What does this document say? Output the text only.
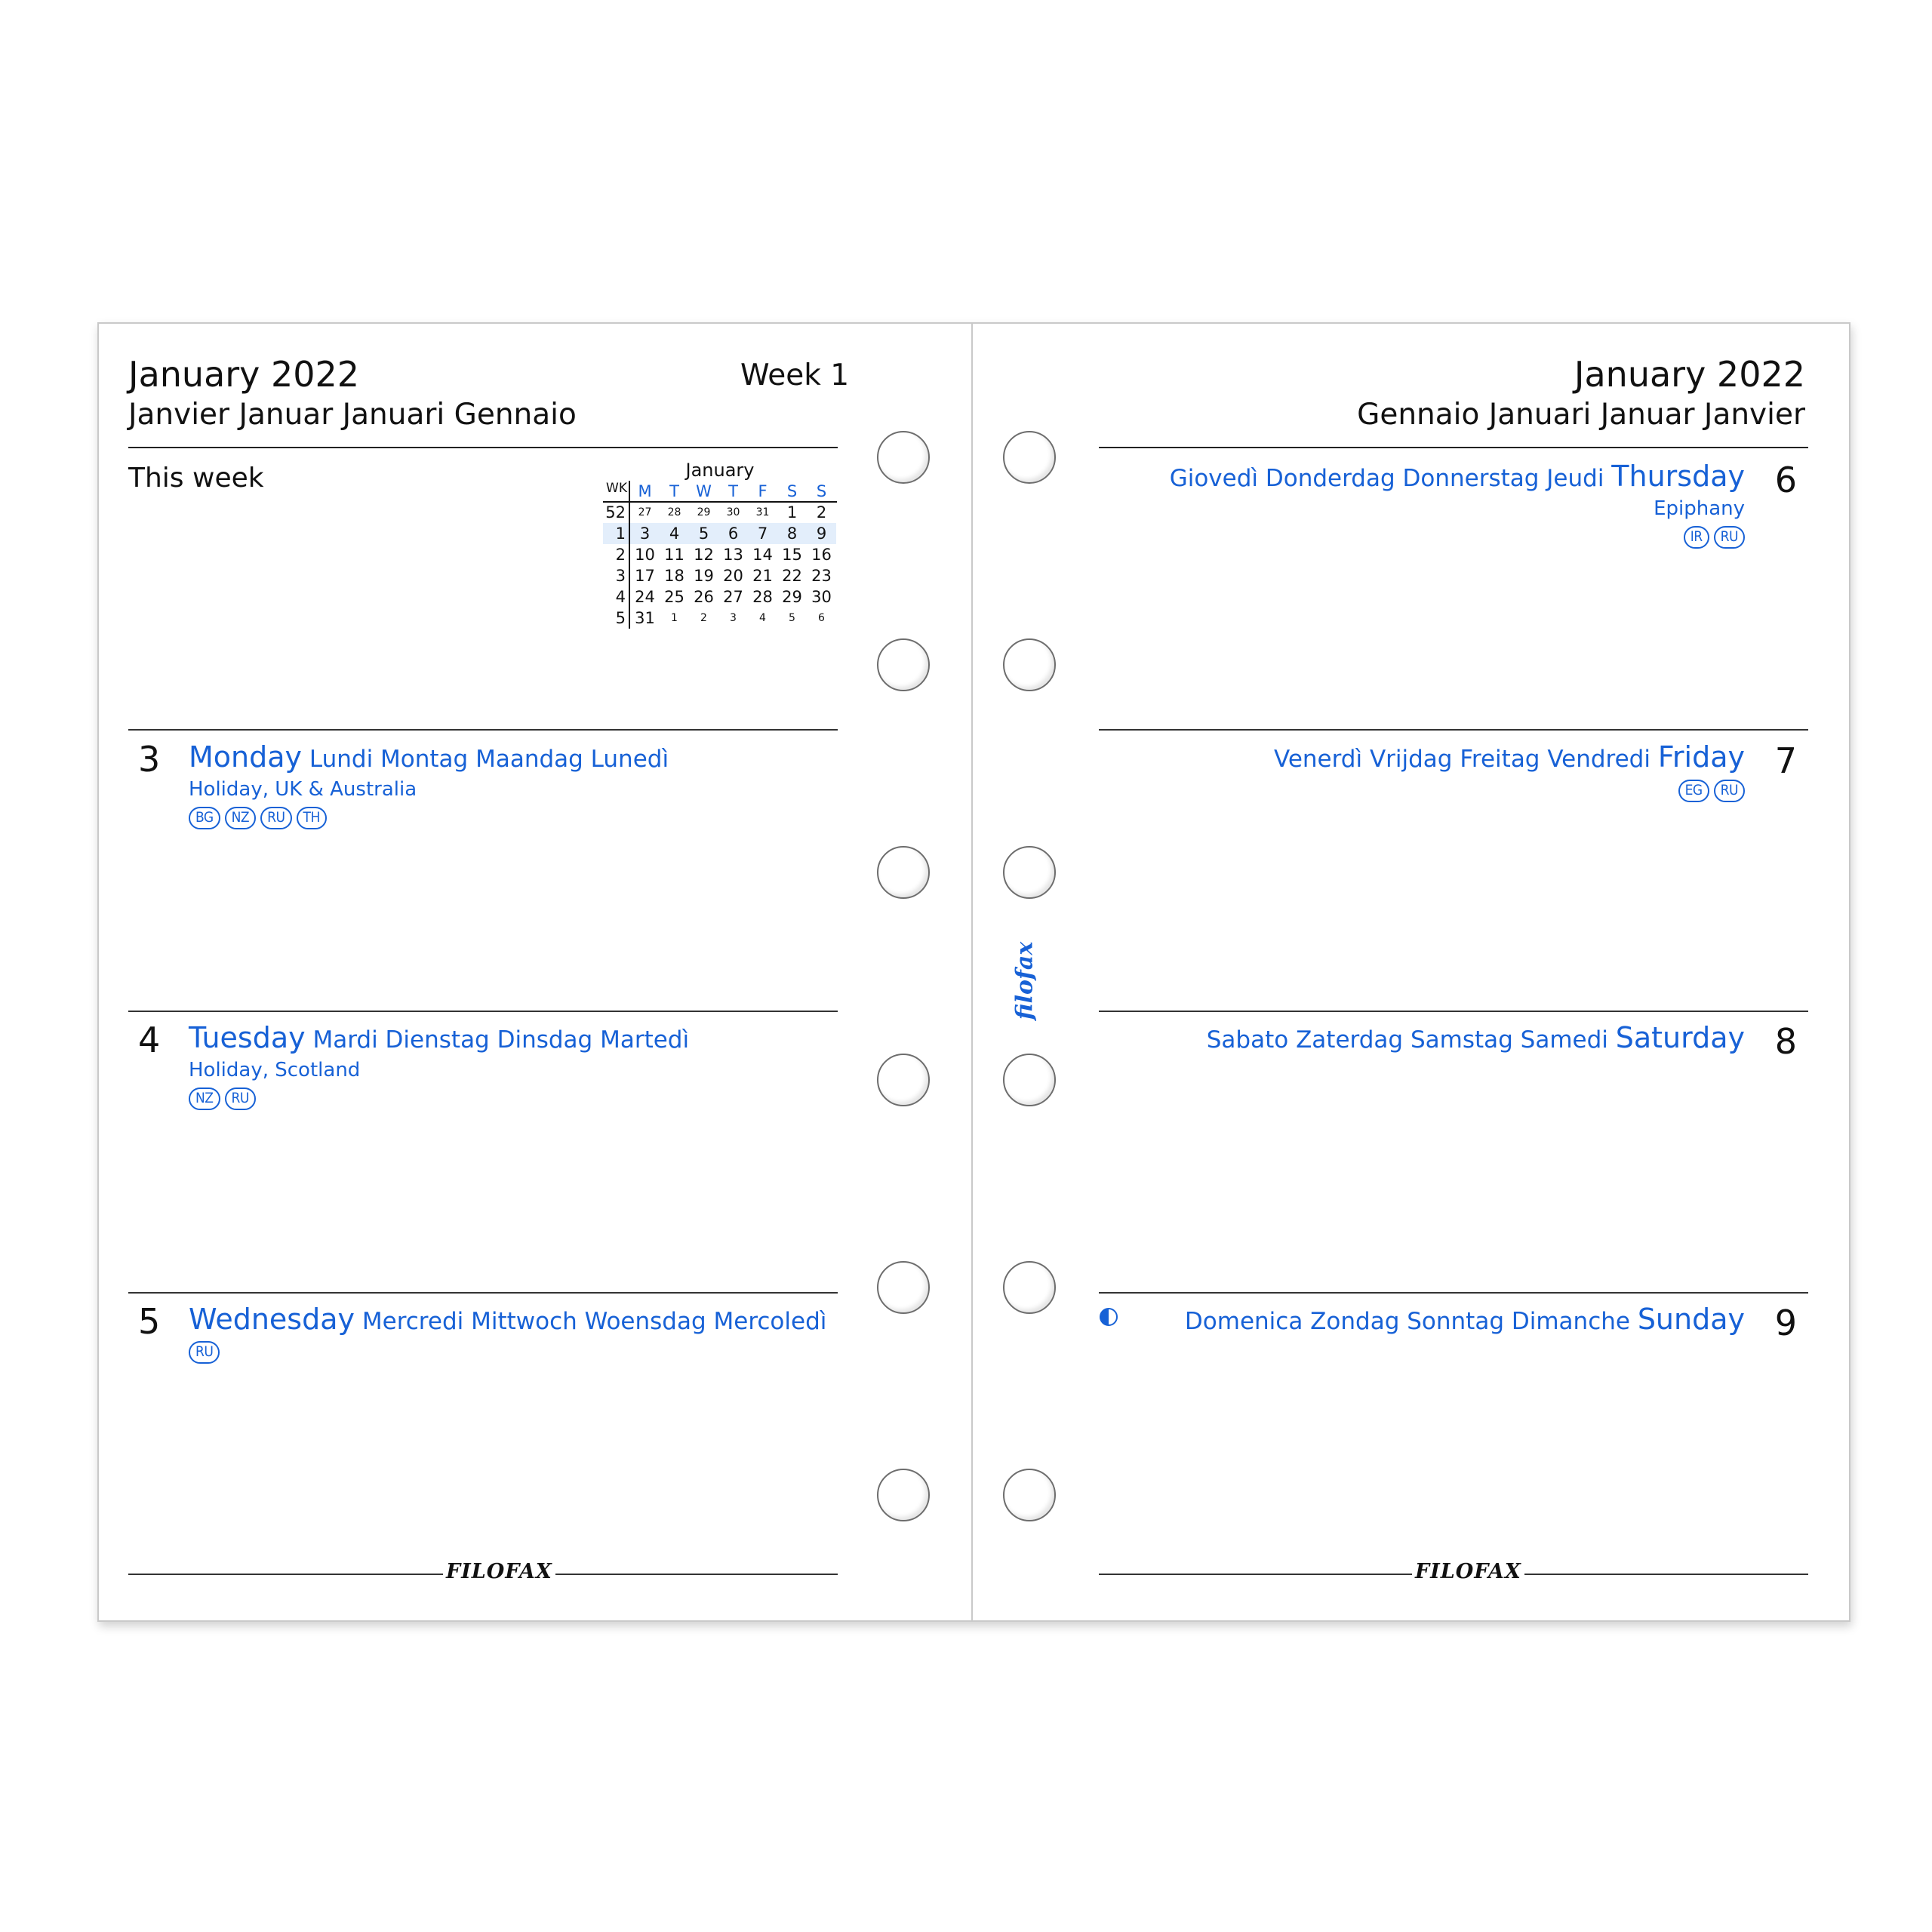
January 2022
Janvier Januar Januari Gennaio
Week 1
This week	January
WK M	T	W	T	F	S	S
52	27	28	29	30	31	1	2
1 3	4	5	6	7	8	9
2 10 11 12 13 14 15 16
3 17 18 19 20 21 22 23
4 24 25 26 27 28 29 30
5 31	1	2	3	4	5	6
3 Monday Lundi Montag Maandag Lunedì
Holiday, UK & Australia
BG	NZ	RU	TH
4 Tuesday Mardi Dienstag Dinsdag Martedì
Holiday, Scotland
NZ	RU
5 Wednesday Mercredi Mittwoch Woensdag Mercoledì
RU
FILOFAX
January 2022
Gennaio Januari Januar Janvier
Giovedì Donderdag Donnerstag Jeudi Thursday 6
Epiphany
IR	RU
Venerdì Vrijdag Freitag Vendredi Friday 7
EG	RU
Sabato Zaterdag Samstag Samedi Saturday 8
Domenica Zondag Sonntag Dimanche Sunday 9
FILOFAX
filofax
